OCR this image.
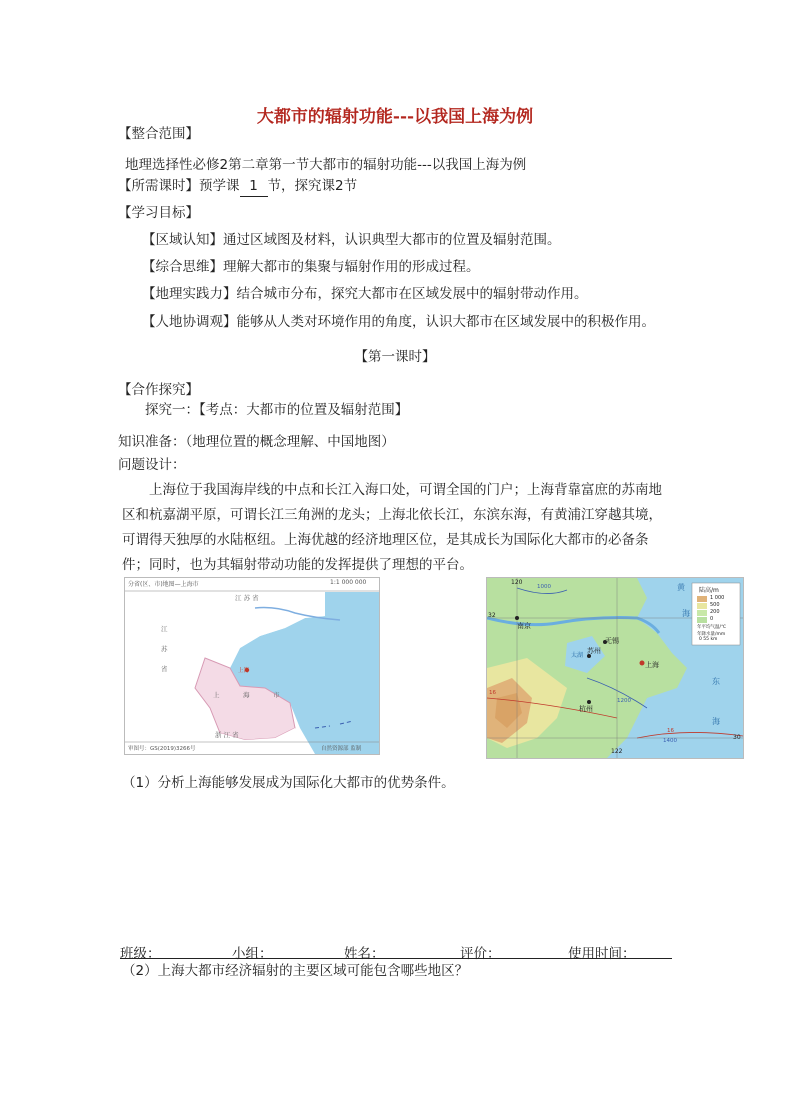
大都市的辐射功能---以我国上海为例
【整合范围】
地理选择性必修2第二章第一节大都市的辐射功能---以我国上海为例
【所需课时】预学课 1 节，探究课2节
【学习目标】
【区域认知】通过区域图及材料，认识典型大都市的位置及辐射范围。
【综合思维】理解大都市的集聚与辐射作用的形成过程。
【地理实践力】结合城市分布，探究大都市在区域发展中的辐射带动作用。
【人地协调观】能够从人类对环境作用的角度，认识大都市在区域发展中的积极作用。
【第一课时】
【合作探究】
探究一：【考点：大都市的位置及辐射范围】
知识准备：（地理位置的概念理解、中国地图）
问题设计：
上海位于我国海岸线的中点和长江入海口处，可谓全国的门户；上海背靠富庶的苏南地区和杭嘉湖平原，可谓长江三角洲的龙头；上海北依长江，东滨东海，有黄浦江穿越其境，可谓得天独厚的水陆枢纽。上海优越的经济地理区位，是其成长为国际化大都市的必备条件；同时，也为其辐射带动功能的发挥提供了理想的平台。
分省(区、市)地图—上海市	1:1 000 000
江 苏 省
江
苏
省	上海
上	海	市
浙 江 省
审图号：GS(2019)3266号	自然资源部 监制
南京
无锡
苏州
上海
杭州
太湖
黄
海
东
海
120
122
32
30
1000
1200
16
1400
16
陆高/m
1 000
500
200
0
年平均气温/℃
年降水量/mm
0 55 km
（1）分析上海能够发展成为国际化大都市的优势条件。
班级：	小组：	姓名：	评价：	使用时间：
（2）上海大都市经济辐射的主要区域可能包含哪些地区？
